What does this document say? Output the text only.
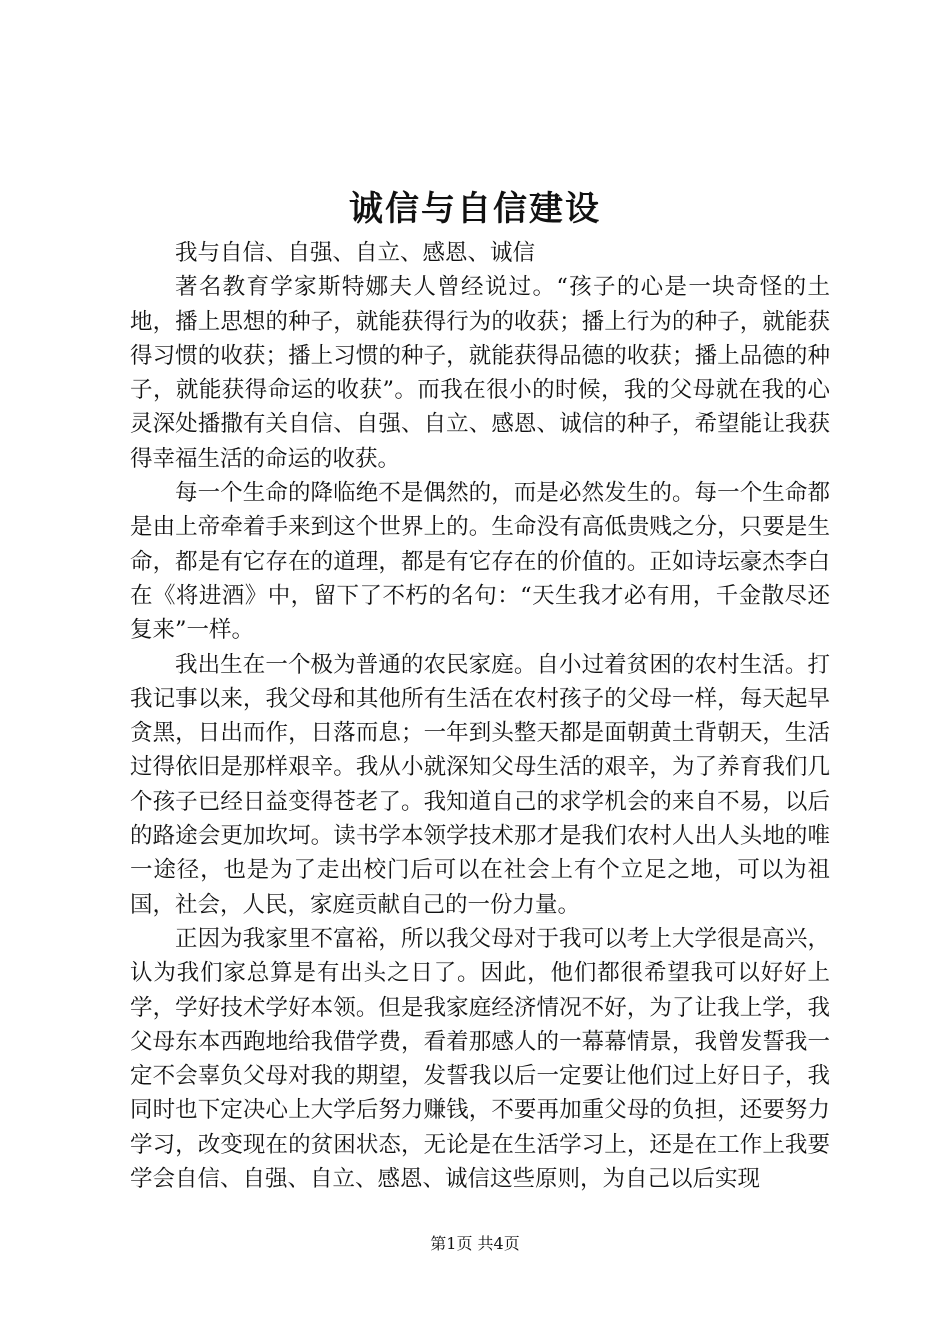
诚信与自信建设

我与自信、自强、自立、感恩、诚信

著名教育学家斯特娜夫人曾经说过。“孩子的心是一块奇怪的土地，播上思想的种子，就能获得行为的收获；播上行为的种子，就能获得习惯的收获；播上习惯的种子，就能获得品德的收获；播上品德的种子，就能获得命运的收获”。而我在很小的时候，我的父母就在我的心灵深处播撒有关自信、自强、自立、感恩、诚信的种子，希望能让我获得幸福生活的命运的收获。

每一个生命的降临绝不是偶然的，而是必然发生的。每一个生命都是由上帝牵着手来到这个世界上的。生命没有高低贵贱之分，只要是生命，都是有它存在的道理，都是有它存在的价值的。正如诗坛豪杰李白在《将进酒》中，留下了不朽的名句：“天生我才必有用，千金散尽还复来”一样。

我出生在一个极为普通的农民家庭。自小过着贫困的农村生活。打我记事以来，我父母和其他所有生活在农村孩子的父母一样，每天起早贪黑，日出而作，日落而息；一年到头整天都是面朝黄土背朝天，生活过得依旧是那样艰辛。我从小就深知父母生活的艰辛，为了养育我们几个孩子已经日益变得苍老了。我知道自己的求学机会的来自不易，以后的路途会更加坎坷。读书学本领学技术那才是我们农村人出人头地的唯一途径，也是为了走出校门后可以在社会上有个立足之地，可以为祖国，社会，人民，家庭贡献自己的一份力量。

正因为我家里不富裕，所以我父母对于我可以考上大学很是高兴，认为我们家总算是有出头之日了。因此，他们都很希望我可以好好上学，学好技术学好本领。但是我家庭经济情况不好，为了让我上学，我父母东本西跑地给我借学费，看着那感人的一幕幕情景，我曾发誓我一定不会辜负父母对我的期望，发誓我以后一定要让他们过上好日子，我同时也下定决心上大学后努力赚钱，不要再加重父母的负担，还要努力学习，改变现在的贫困状态，无论是在生活学习上，还是在工作上我要学会自信、自强、自立、感恩、诚信这些原则，为自己以后实现

第1页 共4页
